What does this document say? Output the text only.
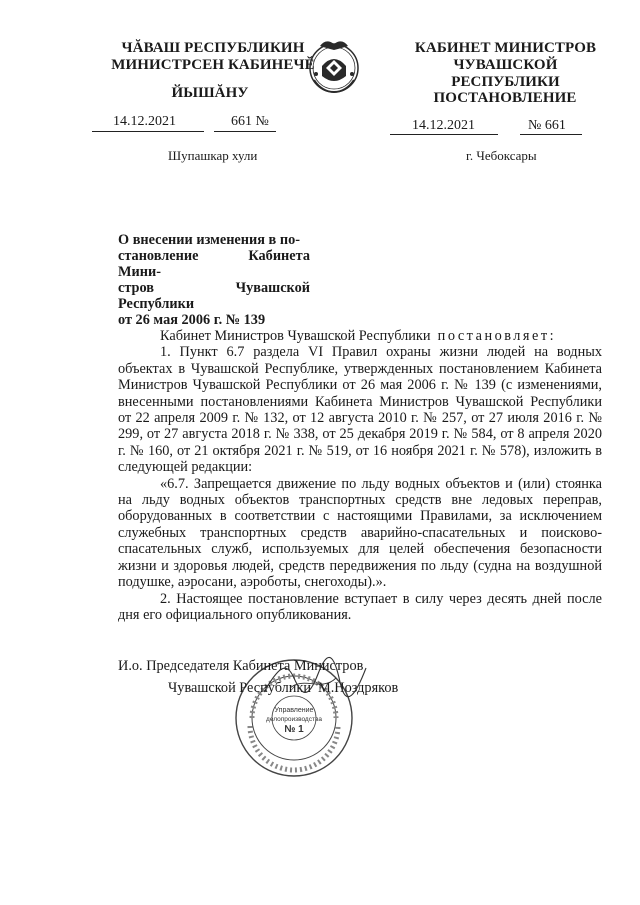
ЧĂВАШ РЕСПУБЛИКИН
МИНИСТРСЕН КАБИНЕЧĔ
ЙЫШĂНУ
КАБИНЕТ МИНИСТРОВ
ЧУВАШСКОЙ РЕСПУБЛИКИ
ПОСТАНОВЛЕНИЕ
14.12.2021	661 №	14.12.2021	№ 661
Шупашкар хули	г. Чебоксары
О внесении изменения в по-
становление Кабинета Мини-
стров Чувашской Республики
от 26 мая 2006 г. № 139

Кабинет Министров Чувашской Республики постановляет:

1. Пункт 6.7 раздела VI Правил охраны жизни людей на водных объектах в Чувашской Республике, утвержденных постановлением Кабинета Министров Чувашской Республики от 26 мая 2006 г. № 139 (с изменениями, внесенными постановлениями Кабинета Министров Чувашской Республики от 22 апреля 2009 г. № 132, от 12 августа 2010 г. № 257, от 27 июля 2016 г. № 299, от 27 августа 2018 г. № 338, от 25 декабря 2019 г. № 584, от 8 апреля 2020 г. № 160, от 21 октября 2021 г. № 519, от 16 ноября 2021 г. № 578), изложить в следующей редакции:

«6.7. Запрещается движение по льду водных объектов и (или) стоянка на льду водных объектов транспортных средств вне ледовых переправ, оборудованных в соответствии с настоящими Правилами, за исключением служебных транспортных средств аварийно-спасательных и поисково-спасательных служб, используемых для целей обеспечения безопасности жизни и здоровья людей, средств передвижения по льду (судна на воздушной подушке, аэросани, аэроботы, снегоходы).».

2. Настоящее постановление вступает в силу через десять дней после дня его официального опубликования.

Управление
делопроизводства
№ 1
И.о. Председателя Кабинета Министров
Чувашской Республики М.Ноздряков
